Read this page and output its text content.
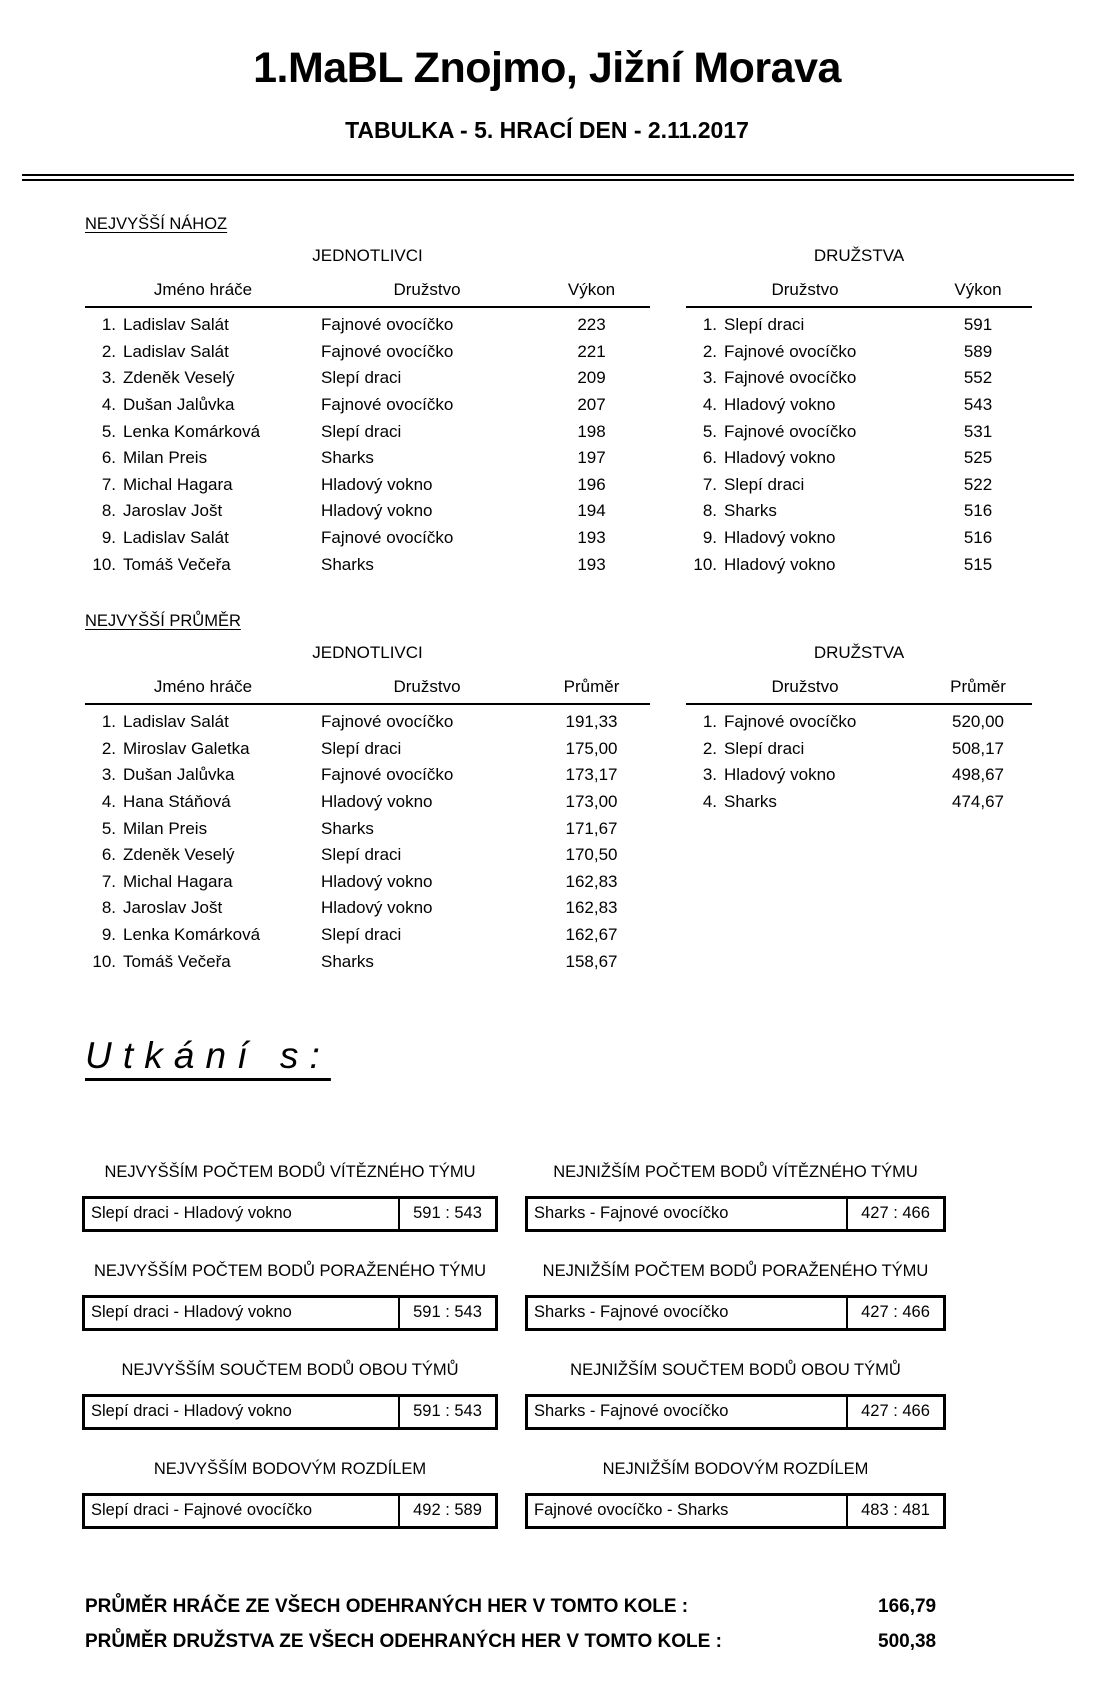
1.MaBL Znojmo, Jižní Morava
TABULKA - 5. HRACÍ DEN - 2.11.2017
NEJVYŠŠÍ NÁHOZ
JEDNOTLIVCI
Jméno hráče		Družstvo	Výkon
1.	Ladislav Salát	Fajnové ovocíčko	223
2.	Ladislav Salát	Fajnové ovocíčko	221
3.	Zdeněk Veselý	Slepí draci	209
4.	Dušan Jalůvka	Fajnové ovocíčko	207
5.	Lenka Komárková	Slepí draci	198
6.	Milan Preis	Sharks	197
7.	Michal Hagara	Hladový vokno	196
8.	Jaroslav Jošt	Hladový vokno	194
9.	Ladislav Salát	Fajnové ovocíčko	193
10.	Tomáš Večeřa	Sharks	193
DRUŽSTVA
Družstvo		Výkon
1.	Slepí draci	591
2.	Fajnové ovocíčko	589
3.	Fajnové ovocíčko	552
4.	Hladový vokno	543
5.	Fajnové ovocíčko	531
6.	Hladový vokno	525
7.	Slepí draci	522
8.	Sharks	516
9.	Hladový vokno	516
10.	Hladový vokno	515
NEJVYŠŠÍ PRŮMĚR
JEDNOTLIVCI
Jméno hráče		Družstvo	Průměr
1.	Ladislav Salát	Fajnové ovocíčko	191,33
2.	Miroslav Galetka	Slepí draci	175,00
3.	Dušan Jalůvka	Fajnové ovocíčko	173,17
4.	Hana Stáňová	Hladový vokno	173,00
5.	Milan Preis	Sharks	171,67
6.	Zdeněk Veselý	Slepí draci	170,50
7.	Michal Hagara	Hladový vokno	162,83
8.	Jaroslav Jošt	Hladový vokno	162,83
9.	Lenka Komárková	Slepí draci	162,67
10.	Tomáš Večeřa	Sharks	158,67
DRUŽSTVA
Družstvo		Průměr
1.	Fajnové ovocíčko	520,00
2.	Slepí draci	508,17
3.	Hladový vokno	498,67
4.	Sharks	474,67
Utkání s:
NEJVYŠŠÍM POČTEM BODŮ VÍTĚZNÉHO TÝMU
Slepí draci - Hladový vokno	591 : 543
NEJNIŽŠÍM POČTEM BODŮ VÍTĚZNÉHO TÝMU
Sharks - Fajnové ovocíčko	427 : 466
NEJVYŠŠÍM POČTEM BODŮ PORAŽENÉHO TÝMU
Slepí draci - Hladový vokno	591 : 543
NEJNIŽŠÍM POČTEM BODŮ PORAŽENÉHO TÝMU
Sharks - Fajnové ovocíčko	427 : 466
NEJVYŠŠÍM SOUČTEM BODŮ OBOU TÝMŮ
Slepí draci - Hladový vokno	591 : 543
NEJNIŽŠÍM SOUČTEM BODŮ OBOU TÝMŮ
Sharks - Fajnové ovocíčko	427 : 466
NEJVYŠŠÍM BODOVÝM ROZDÍLEM
Slepí draci - Fajnové ovocíčko	492 : 589
NEJNIŽŠÍM BODOVÝM ROZDÍLEM
Fajnové ovocíčko - Sharks	483 : 481
PRŮMĚR HRÁČE ZE VŠECH ODEHRANÝCH HER V TOMTO KOLE :	166,79
PRŮMĚR DRUŽSTVA ZE VŠECH ODEHRANÝCH HER V TOMTO KOLE :	500,38
